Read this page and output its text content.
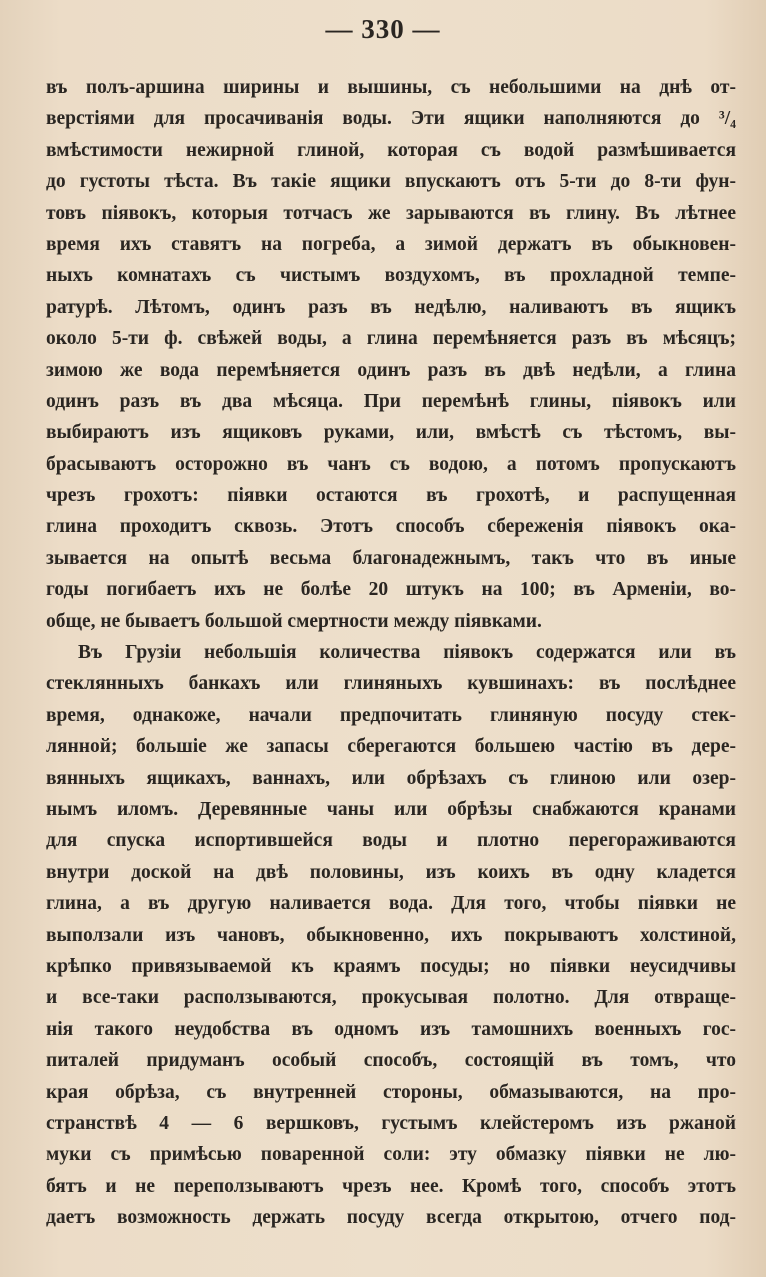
— 330 —
въ полъ-аршина ширины и вышины, съ небольшими на днѣ от-
верстіями для просачиванія воды. Эти ящики наполняются до ³/₄
вмѣстимости нежирной глиной, которая съ водой размѣшивается
до густоты тѣста. Въ такіе ящики впускаютъ отъ 5-ти до 8-ти фун-
товъ піявокъ, которыя тотчасъ же зарываются въ глину. Въ лѣтнее
время ихъ ставятъ на погреба, а зимой держатъ въ обыкновен-
ныхъ комнатахъ съ чистымъ воздухомъ, въ прохладной темпе-
ратурѣ. Лѣтомъ, одинъ разъ въ недѣлю, наливаютъ въ ящикъ
около 5-ти ф. свѣжей воды, а глина перемѣняется разъ въ мѣсяцъ;
зимою же вода перемѣняется одинъ разъ въ двѣ недѣли, а глина
одинъ разъ въ два мѣсяца. При перемѣнѣ глины, піявокъ или
выбираютъ изъ ящиковъ руками, или, вмѣстѣ съ тѣстомъ, вы-
брасываютъ осторожно въ чанъ съ водою, а потомъ пропускаютъ
чрезъ грохотъ: піявки остаются въ грохотѣ, и распущенная
глина проходитъ сквозь. Этотъ способъ сбереженія піявокъ ока-
зывается на опытѣ весьма благонадежнымъ, такъ что въ иные
годы погибаетъ ихъ не болѣе 20 штукъ на 100; въ Арменіи, во-
обще, не бываетъ большой смертности между піявками.
Въ Грузіи небольшія количества піявокъ содержатся или въ
стеклянныхъ банкахъ или глиняныхъ кувшинахъ: въ послѣднее
время, однакоже, начали предпочитать глиняную посуду стек-
лянной; большіе же запасы сберегаются большею частію въ дере-
вянныхъ ящикахъ, ваннахъ, или обрѣзахъ съ глиною или озер-
нымъ иломъ. Деревянные чаны или обрѣзы снабжаются кранами
для спуска испортившейся воды и плотно перегораживаются
внутри доской на двѣ половины, изъ коихъ въ одну кладется
глина, а въ другую наливается вода. Для того, чтобы піявки не
выползали изъ чановъ, обыкновенно, ихъ покрываютъ холстиной,
крѣпко привязываемой къ краямъ посуды; но піявки неусидчивы
и все-таки расползываются, прокусывая полотно. Для отвраще-
нія такого неудобства въ одномъ изъ тамошнихъ военныхъ гос-
питалей придуманъ особый способъ, состоящій въ томъ, что
края обрѣза, съ внутренней стороны, обмазываются, на про-
странствѣ 4 — 6 вершковъ, густымъ клейстеромъ изъ ржаной
муки съ примѣсью поваренной соли: эту обмазку піявки не лю-
бятъ и не переползываютъ чрезъ нее. Кромѣ того, способъ этотъ
даетъ возможность держать посуду всегда открытою, отчего под-
